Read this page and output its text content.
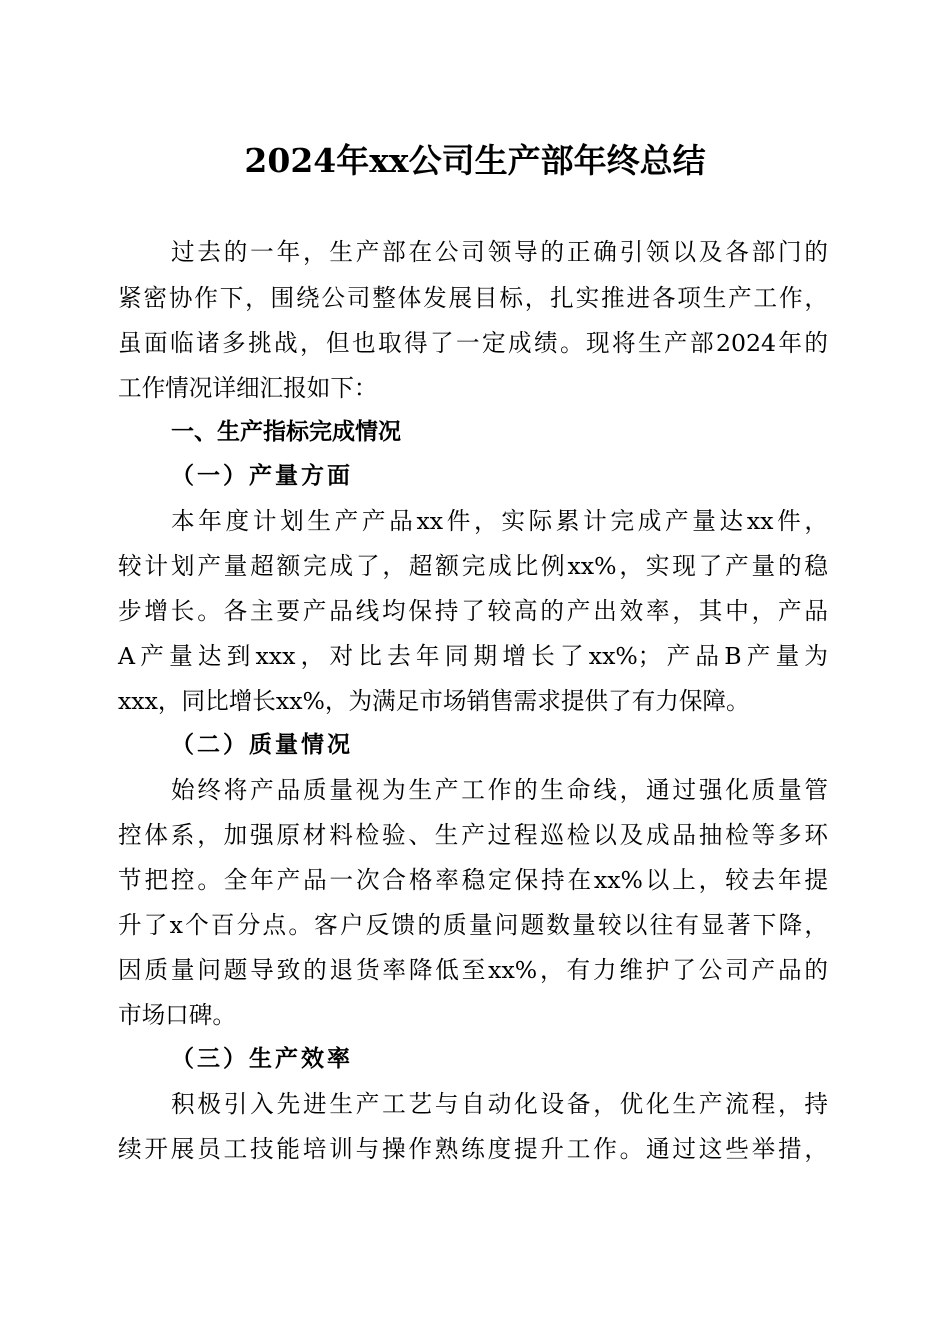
2024年xx公司生产部年终总结
过去的一年，生产部在公司领导的正确引领以及各部门的
紧密协作下，围绕公司整体发展目标，扎实推进各项生产工作，
虽面临诸多挑战，但也取得了一定成绩。现将生产部2024年的
工作情况详细汇报如下：
一、生产指标完成情况
（一）产量方面
本年度计划生产产品xx件，实际累计完成产量达xx件，
较计划产量超额完成了，超额完成比例xx%，实现了产量的稳
步增长。各主要产品线均保持了较高的产出效率，其中，产品
A产量达到xxx，对比去年同期增长了xx%；产品B产量为
xxx，同比增长xx%，为满足市场销售需求提供了有力保障。
（二）质量情况
始终将产品质量视为生产工作的生命线，通过强化质量管
控体系，加强原材料检验、生产过程巡检以及成品抽检等多环
节把控。全年产品一次合格率稳定保持在xx%以上，较去年提
升了x个百分点。客户反馈的质量问题数量较以往有显著下降，
因质量问题导致的退货率降低至xx%，有力维护了公司产品的
市场口碑。
（三）生产效率
积极引入先进生产工艺与自动化设备，优化生产流程，持
续开展员工技能培训与操作熟练度提升工作。通过这些举措，
